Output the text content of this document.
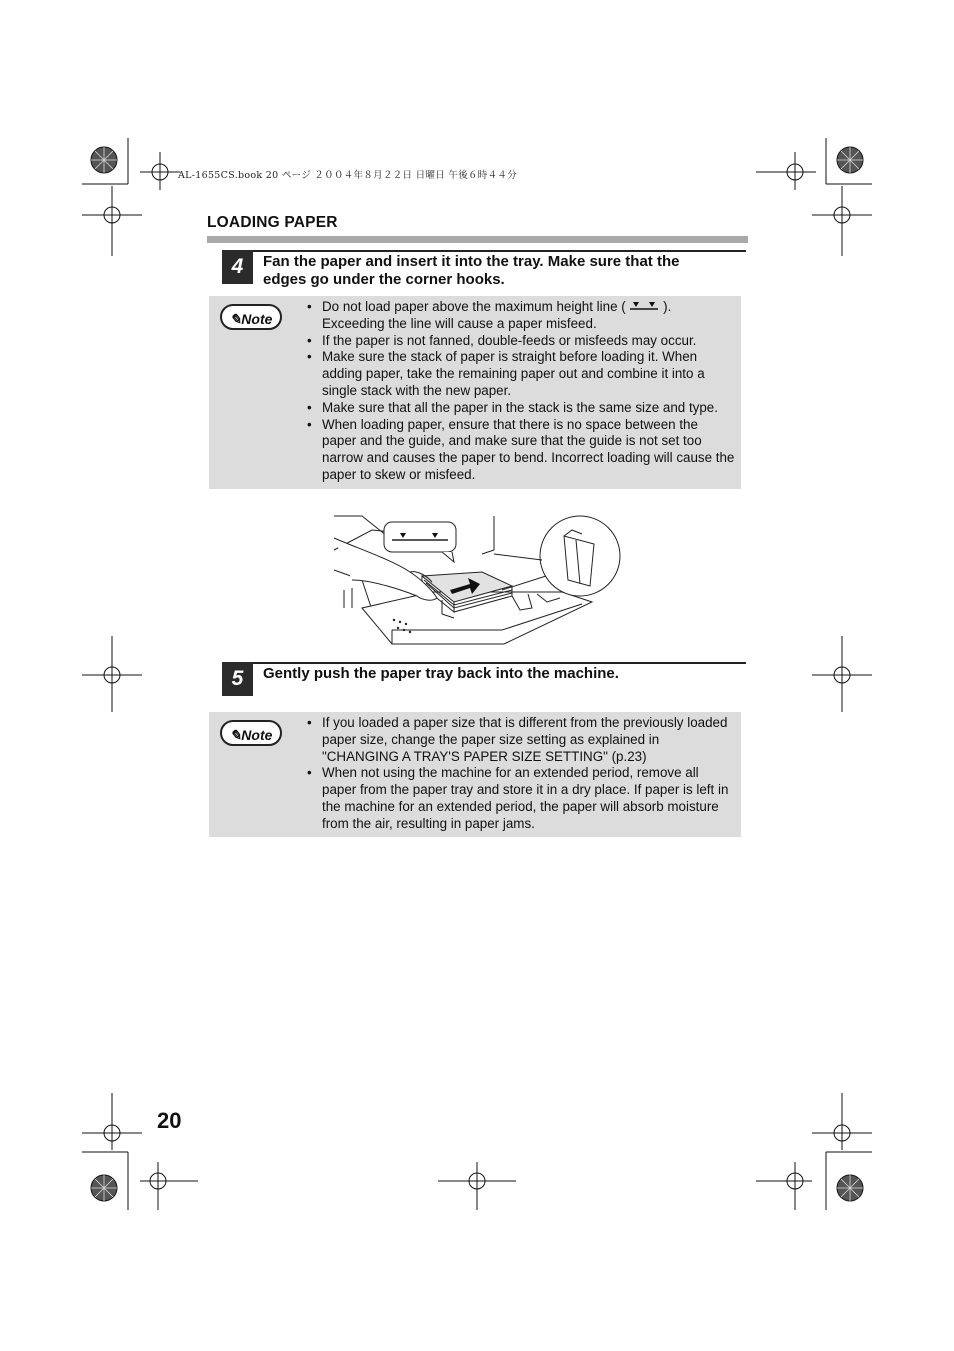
AL-1655CS.book 20 ページ ２００４年８月２２日 日曜日 午後６時４４分
LOADING PAPER
4	Fan the paper and insert it into the tray. Make sure that the
edges go under the corner hooks.
✎Note
• Do not load paper above the maximum height line (	).
Exceeding the line will cause a paper misfeed.
• If the paper is not fanned, double-feeds or misfeeds may occur.
• Make sure the stack of paper is straight before loading it. When
adding paper, take the remaining paper out and combine it into a
single stack with the new paper.
• Make sure that all the paper in the stack is the same size and type.
• When loading paper, ensure that there is no space between the
paper and the guide, and make sure that the guide is not set too
narrow and causes the paper to bend. Incorrect loading will cause the
paper to skew or misfeed.
5	Gently push the paper tray back into the machine.
✎Note
• If you loaded a paper size that is different from the previously loaded
paper size, change the paper size setting as explained in
"CHANGING A TRAY'S PAPER SIZE SETTING" (p.23)
• When not using the machine for an extended period, remove all
paper from the paper tray and store it in a dry place. If paper is left in
the machine for an extended period, the paper will absorb moisture
from the air, resulting in paper jams.
20
